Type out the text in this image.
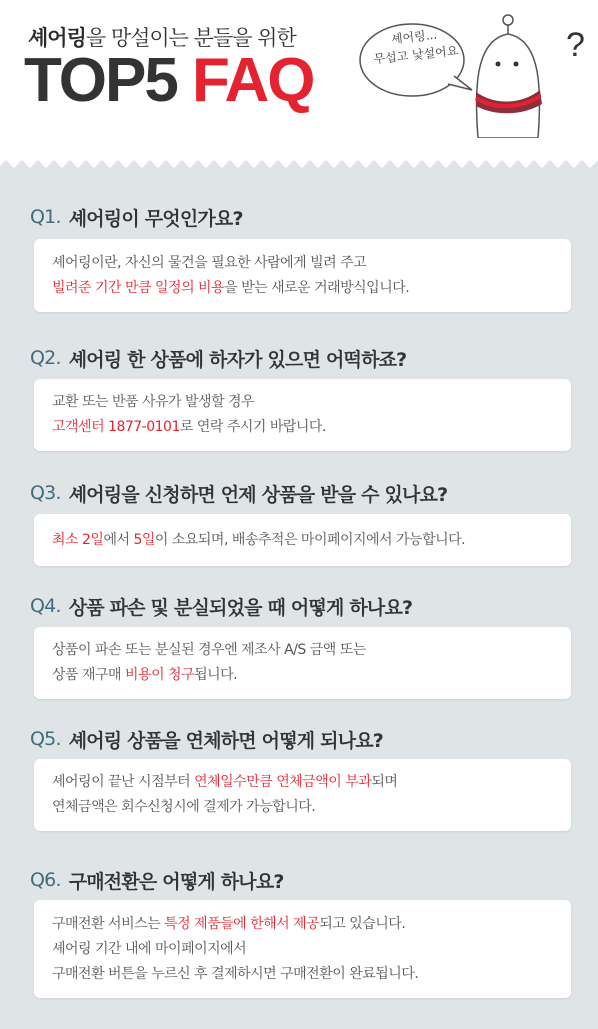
셰어링을 망설이는 분들을 위한
TOP5 FAQ
셰어링...
무섭고 낯설어요	?
Q1. 셰어링이 무엇인가요?
셰어링이란, 자신의 물건을 필요한 사람에게 빌려 주고
빌려준 기간 만큼 일정의 비용을 받는 새로운 거래방식입니다.
Q2. 셰어링 한 상품에 하자가 있으면 어떡하죠?
교환 또는 반품 사유가 발생할 경우
고객센터 1877-0101로 연락 주시기 바랍니다.
Q3. 셰어링을 신청하면 언제 상품을 받을 수 있나요?
최소 2일에서 5일이 소요되며, 배송추적은 마이페이지에서 가능합니다.
Q4. 상품 파손 및 분실되었을 때 어떻게 하나요?
상품이 파손 또는 분실된 경우엔 제조사 A/S 금액 또는
상품 재구매 비용이 청구됩니다.
Q5. 셰어링 상품을 연체하면 어떻게 되나요?
셰어링이 끝난 시점부터 연체일수만큼 연체금액이 부과되며
연체금액은 회수신청시에 결제가 가능합니다.
Q6. 구매전환은 어떻게 하나요?
구매전환 서비스는 특정 제품들에 한해서 제공되고 있습니다.
셰어링 기간 내에 마이페이지에서
구매전환 버튼을 누르신 후 결제하시면 구매전환이 완료됩니다.
